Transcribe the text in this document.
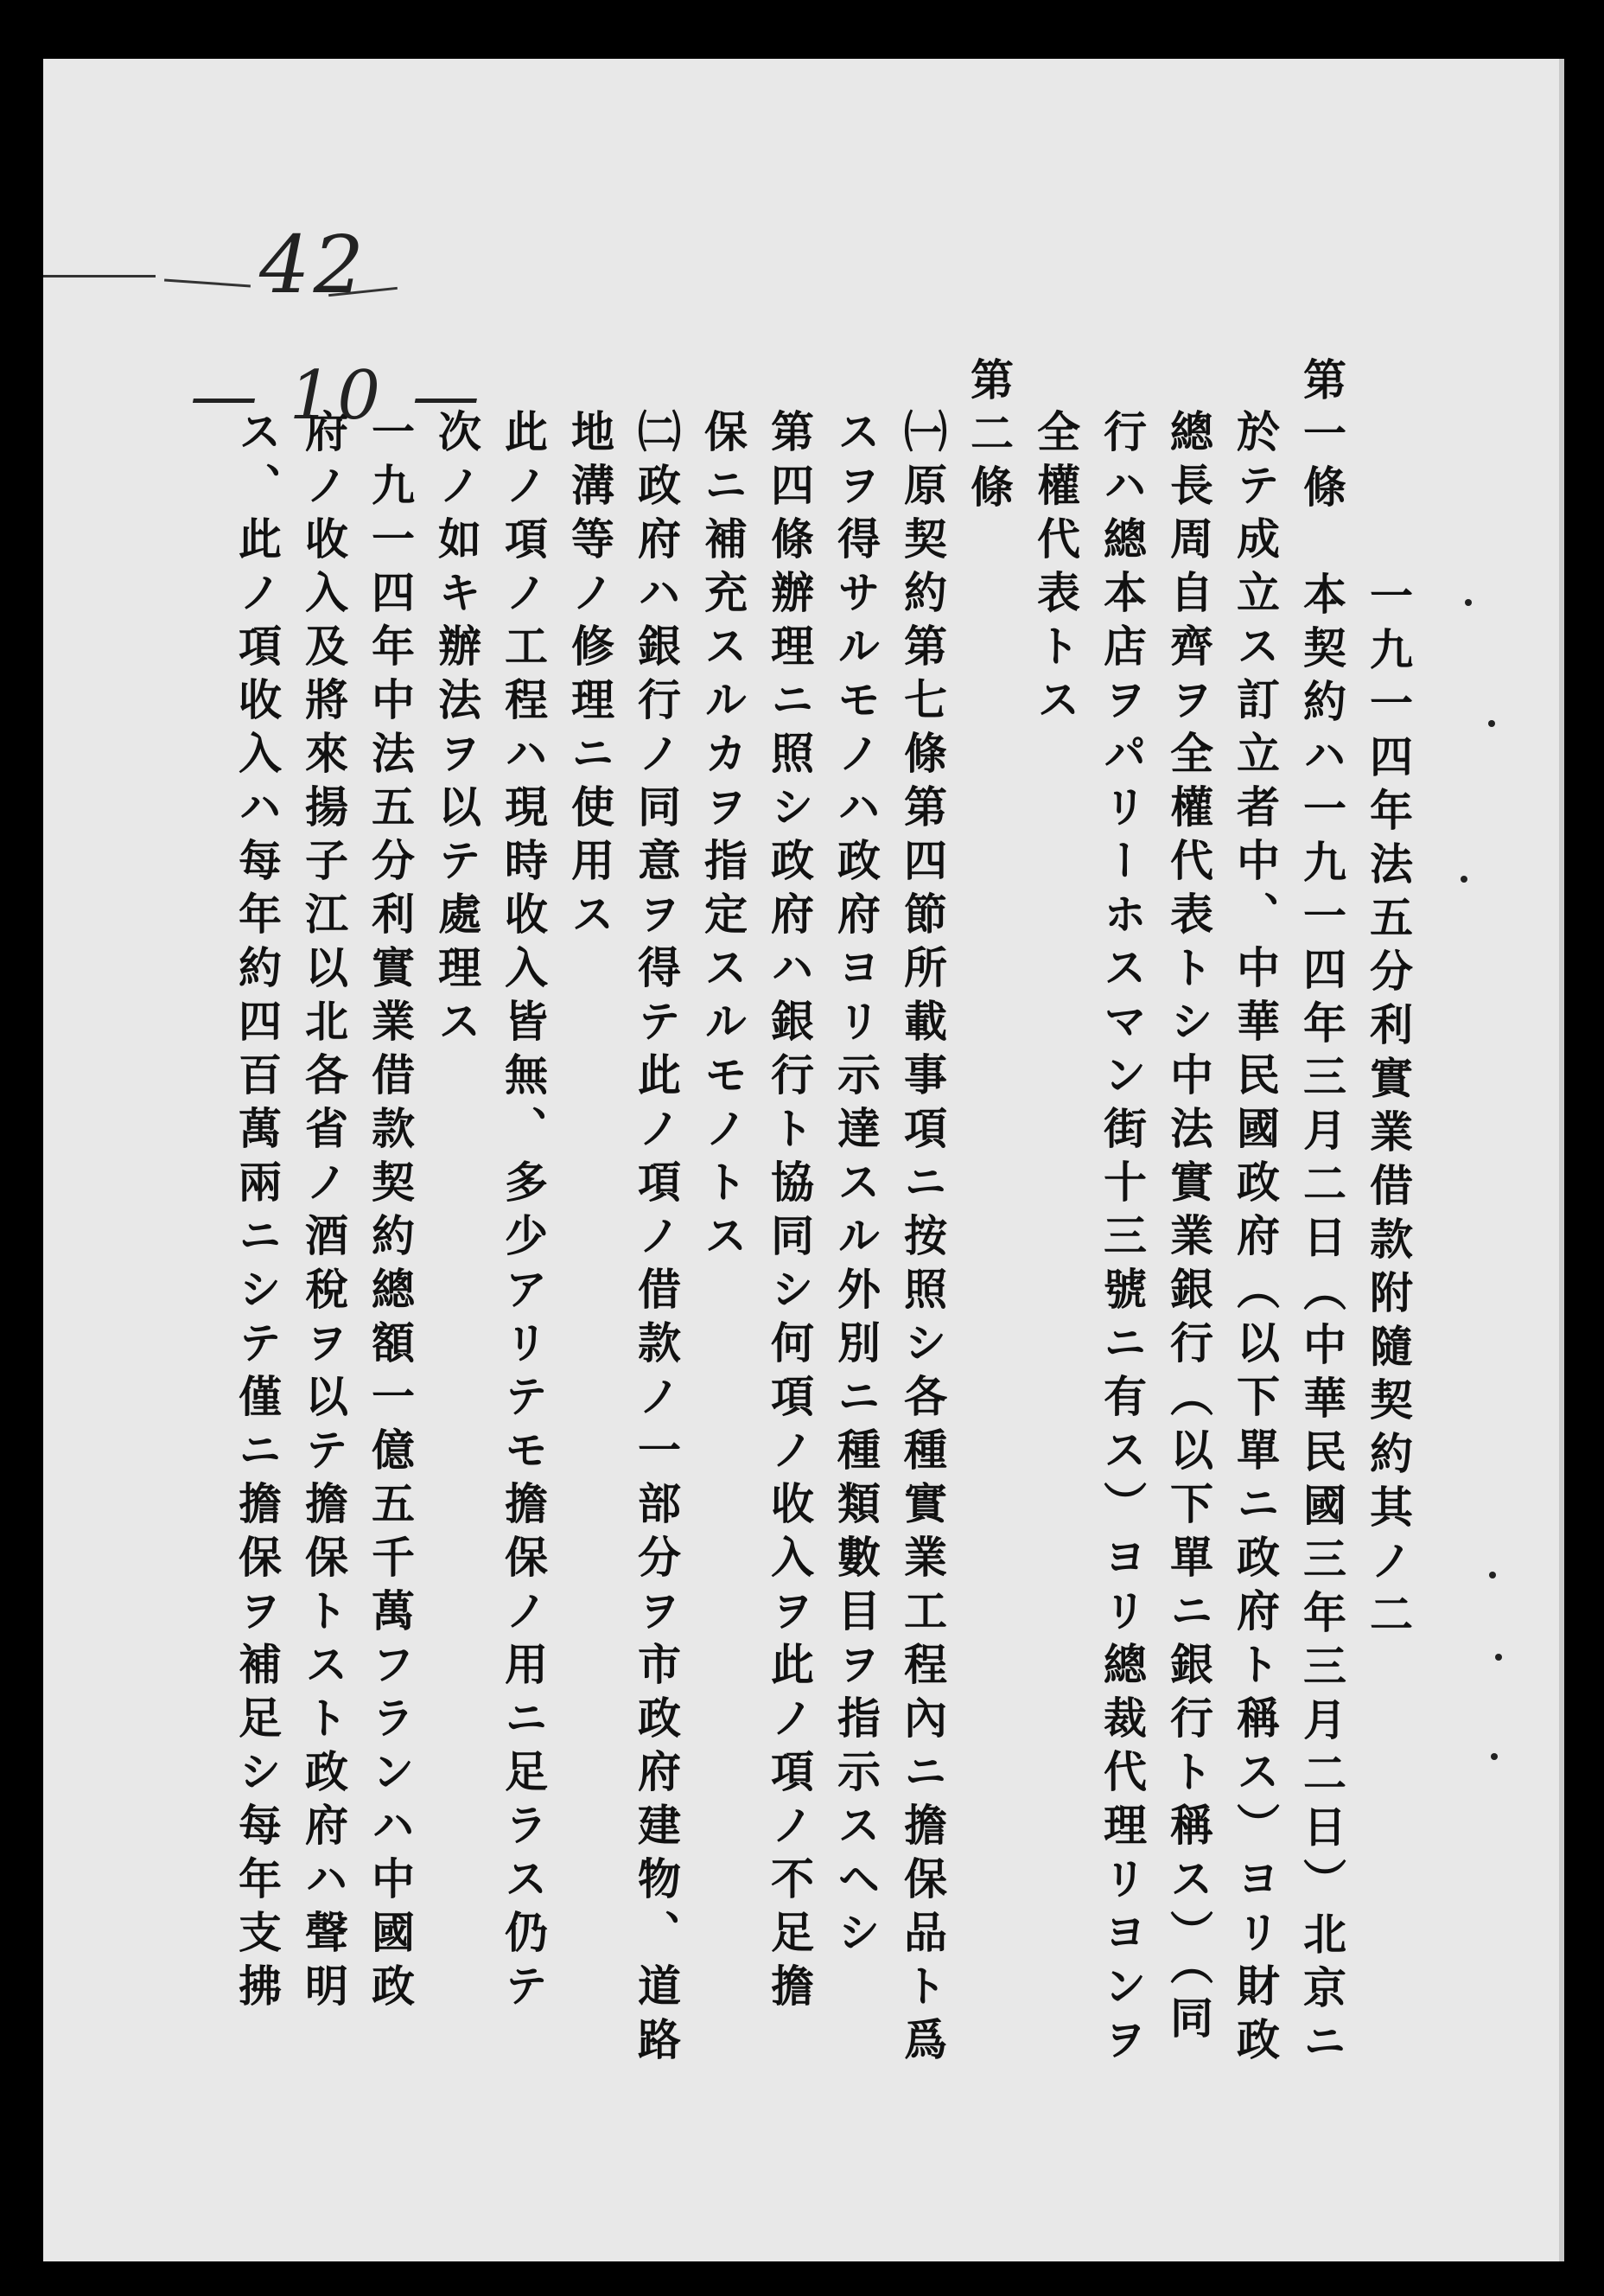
42
— 10 —
一九一四年法五分利實業借款附隨契約其ノ二
第一條　本契約ハ一九一四年三月二日（中華民國三年三月二日）北京ニ
於テ成立ス訂立者中、中華民國政府（以下單ニ政府ト稱ス）ヨリ財政
總長周自齊ヲ全權代表トシ中法實業銀行（以下單ニ銀行ト稱ス）（同
行ハ總本店ヲパリーホスマン街十三號ニ有ス）ヨリ總裁代理リヨンヲ
全權代表トス
第二條
㈠原契約第七條第四節所載事項ニ按照シ各種實業工程內ニ擔保品ト爲
スヲ得サルモノハ政府ヨリ示達スル外別ニ種類數目ヲ指示スヘシ
第四條辦理ニ照シ政府ハ銀行ト協同シ何項ノ收入ヲ此ノ項ノ不足擔
保ニ補充スルカヲ指定スルモノトス
㈡政府ハ銀行ノ同意ヲ得テ此ノ項ノ借款ノ一部分ヲ市政府建物、道路
地溝等ノ修理ニ使用ス
此ノ項ノ工程ハ現時收入皆無、多少アリテモ擔保ノ用ニ足ラス仍テ
次ノ如キ辦法ヲ以テ處理ス
一九一四年中法五分利實業借款契約總額一億五千萬フランハ中國政
府ノ收入及將來揚子江以北各省ノ酒稅ヲ以テ擔保トスト政府ハ聲明
ス、此ノ項收入ハ每年約四百萬兩ニシテ僅ニ擔保ヲ補足シ每年支拂
